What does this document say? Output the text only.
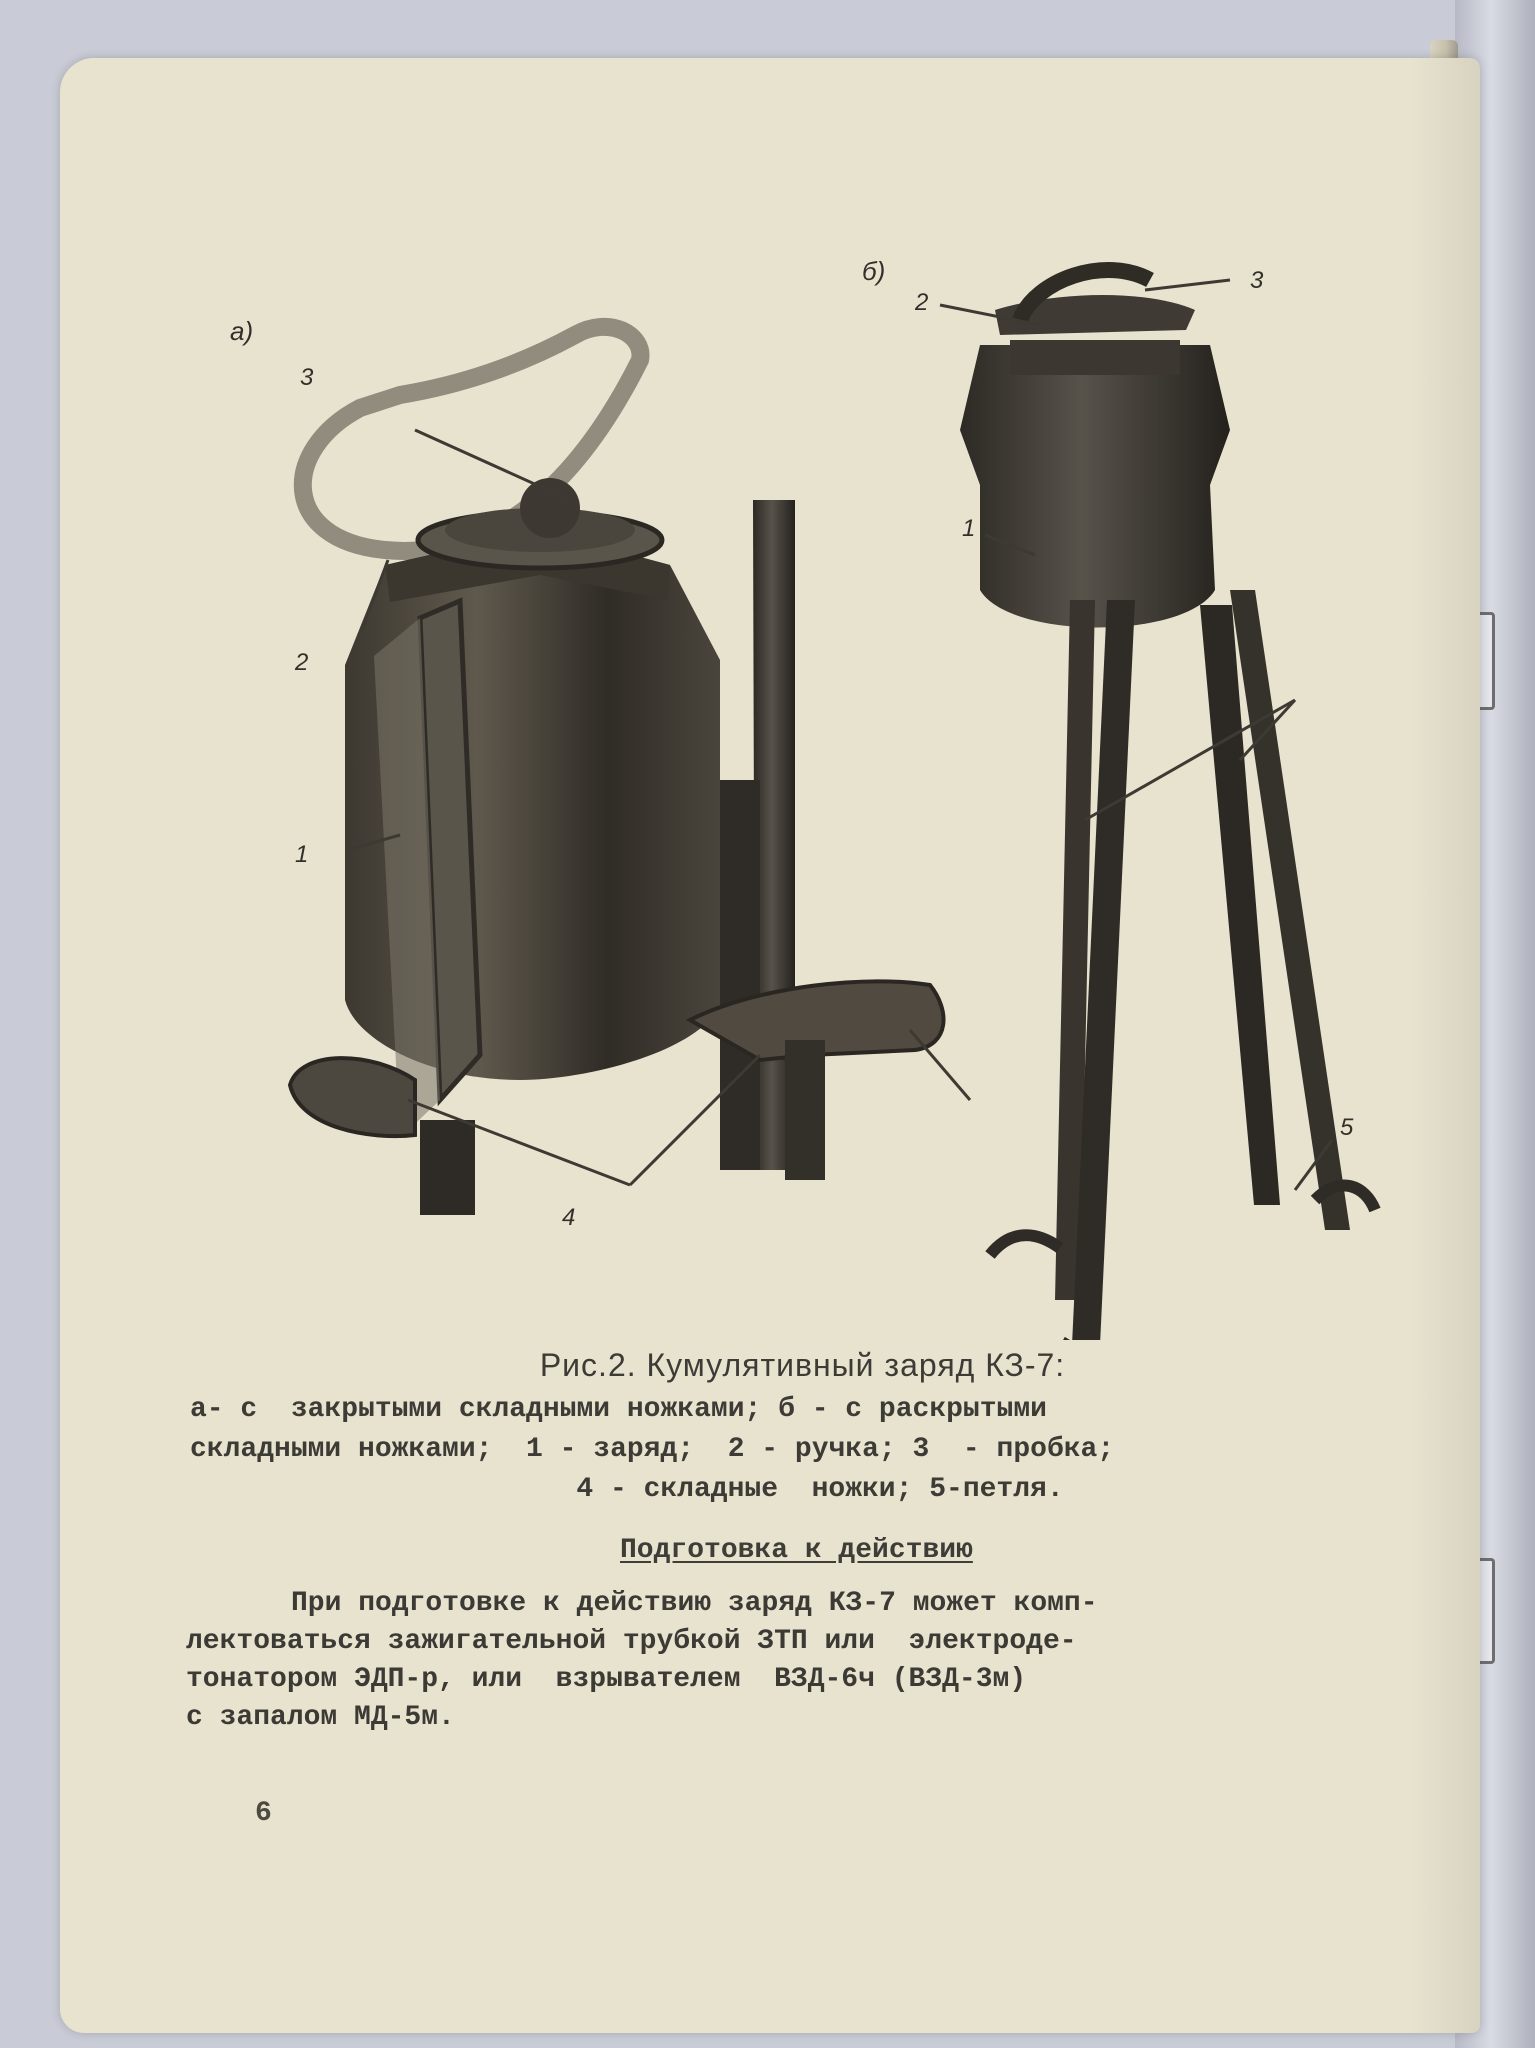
а)
б)
1
2
3
4
5
1
2
3
5
Рис.2. Кумулятивный заряд КЗ-7:
а- с  закрытыми складными ножками; б - с раскрытыми
складными ножками;  1 - заряд;  2 - ручка; 3  - пробка;
4 - складные  ножки; 5-петля.
Подготовка к действию
При подготовке к действию заряд КЗ-7 может комп-
лектоваться зажигательной трубкой ЗТП или  электроде-
тонатором ЭДП-р, или  взрывателем  ВЗД-6ч (ВЗД-3м)
с запалом МД-5м.
6
